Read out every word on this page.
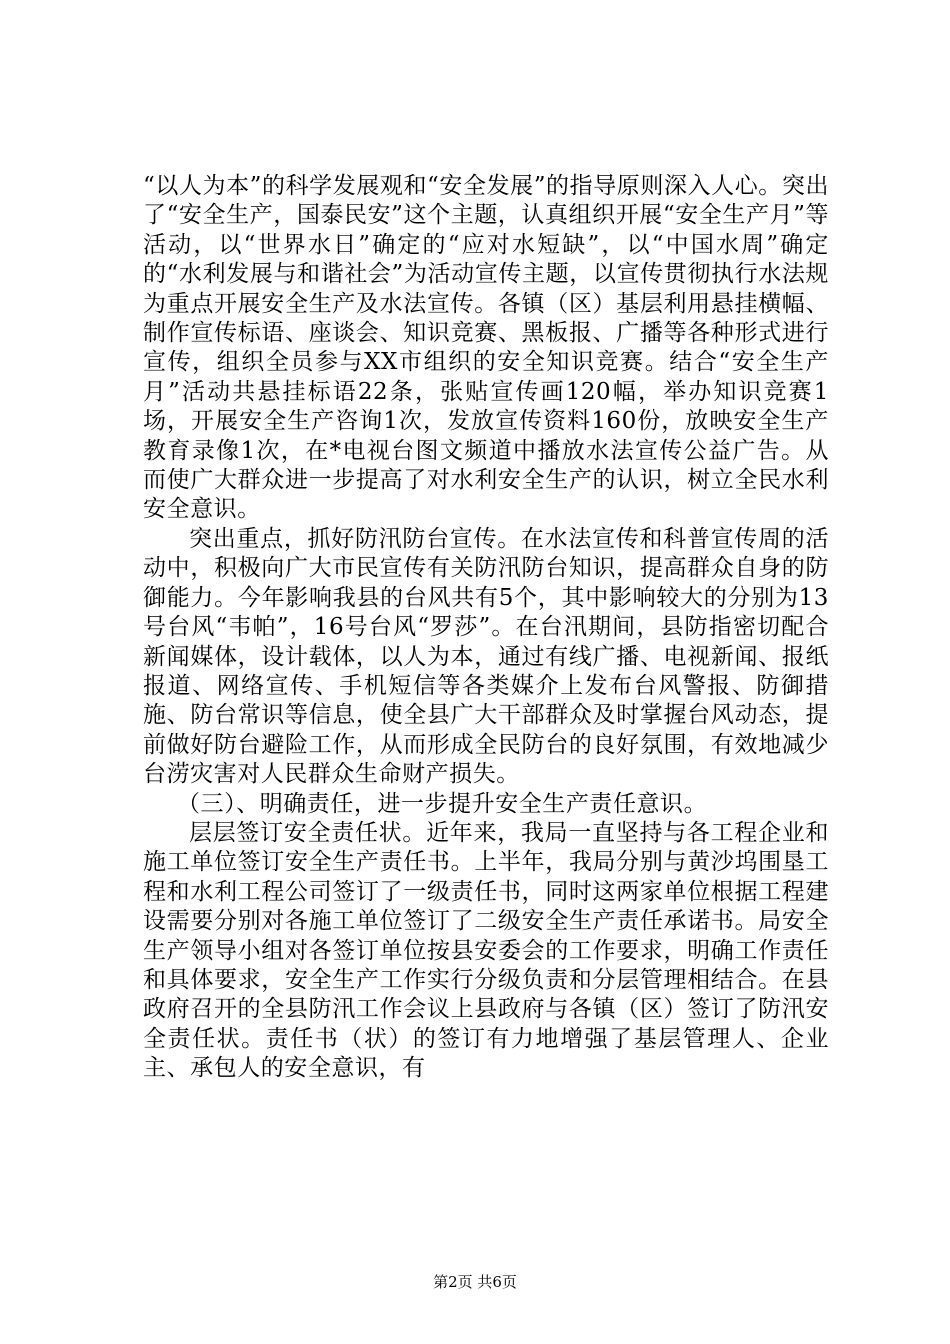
“以人为本”的科学发展观和“安全发展”的指导原则深入人心。突出了“安全生产，国泰民安”这个主题，认真组织开展“安全生产月”等活动，以“世界水日”确定的“应对水短缺”，以“中国水周”确定的“水利发展与和谐社会”为活动宣传主题，以宣传贯彻执行水法规为重点开展安全生产及水法宣传。各镇（区）基层利用悬挂横幅、制作宣传标语、座谈会、知识竞赛、黑板报、广播等各种形式进行宣传，组织全员参与XX市组织的安全知识竞赛。结合“安全生产月”活动共悬挂标语22条，张贴宣传画120幅，举办知识竞赛1场，开展安全生产咨询1次，发放宣传资料160份，放映安全生产教育录像1次，在*电视台图文频道中播放水法宣传公益广告。从而使广大群众进一步提高了对水利安全生产的认识，树立全民水利安全意识。

突出重点，抓好防汛防台宣传。在水法宣传和科普宣传周的活动中，积极向广大市民宣传有关防汛防台知识，提高群众自身的防御能力。今年影响我县的台风共有5个，其中影响较大的分别为13号台风“韦帕”，16号台风“罗莎”。在台汛期间，县防指密切配合新闻媒体，设计载体，以人为本，通过有线广播、电视新闻、报纸报道、网络宣传、手机短信等各类媒介上发布台风警报、防御措施、防台常识等信息，使全县广大干部群众及时掌握台风动态，提前做好防台避险工作，从而形成全民防台的良好氛围，有效地减少台涝灾害对人民群众生命财产损失。

（三）、明确责任，进一步提升安全生产责任意识。

层层签订安全责任状。近年来，我局一直坚持与各工程企业和施工单位签订安全生产责任书。上半年，我局分别与黄沙坞围垦工程和水利工程公司签订了一级责任书，同时这两家单位根据工程建设需要分别对各施工单位签订了二级安全生产责任承诺书。局安全生产领导小组对各签订单位按县安委会的工作要求，明确工作责任和具体要求，安全生产工作实行分级负责和分层管理相结合。在县政府召开的全县防汛工作会议上县政府与各镇（区）签订了防汛安全责任状。责任书（状）的签订有力地增强了基层管理人、企业主、承包人的安全意识，有

第2页 共6页
